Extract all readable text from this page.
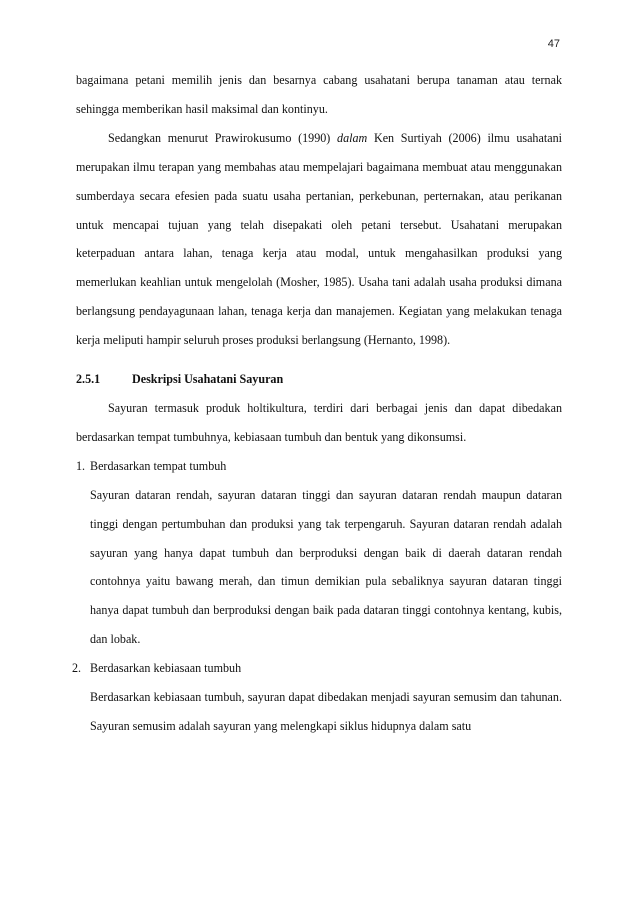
47

bagaimana petani memilih jenis dan besarnya cabang usahatani berupa tanaman atau ternak sehingga memberikan hasil maksimal dan kontinyu.

Sedangkan menurut Prawirokusumo (1990) dalam Ken Surtiyah (2006) ilmu usahatani merupakan ilmu terapan yang membahas atau mempelajari bagaimana membuat atau menggunakan sumberdaya secara efesien pada suatu usaha pertanian, perkebunan, perternakan, atau perikanan untuk mencapai tujuan yang telah disepakati oleh petani tersebut. Usahatani merupakan keterpaduan antara lahan, tenaga kerja atau modal, untuk mengahasilkan produksi yang memerlukan keahlian untuk mengelolah (Mosher, 1985). Usaha tani adalah usaha produksi dimana berlangsung pendayagunaan lahan, tenaga kerja dan manajemen. Kegiatan yang melakukan tenaga kerja meliputi hampir seluruh proses produksi berlangsung (Hernanto, 1998).

2.5.1	Deskripsi Usahatani Sayuran

Sayuran termasuk produk holtikultura, terdiri dari berbagai jenis dan dapat dibedakan berdasarkan tempat tumbuhnya, kebiasaan tumbuh dan bentuk yang dikonsumsi.

1. Berdasarkan tempat tumbuh

Sayuran dataran rendah, sayuran dataran tinggi dan sayuran dataran rendah maupun dataran tinggi dengan pertumbuhan dan produksi yang tak terpengaruh. Sayuran dataran rendah adalah sayuran yang hanya dapat tumbuh dan berproduksi dengan baik di daerah dataran rendah contohnya yaitu bawang merah, dan timun demikian pula sebaliknya sayuran dataran tinggi hanya dapat tumbuh dan berproduksi dengan baik pada dataran tinggi contohnya kentang, kubis, dan lobak.

2. Berdasarkan kebiasaan tumbuh

Berdasarkan kebiasaan tumbuh, sayuran dapat dibedakan menjadi sayuran semusim dan tahunan. Sayuran semusim adalah sayuran yang melengkapi siklus hidupnya dalam satu
